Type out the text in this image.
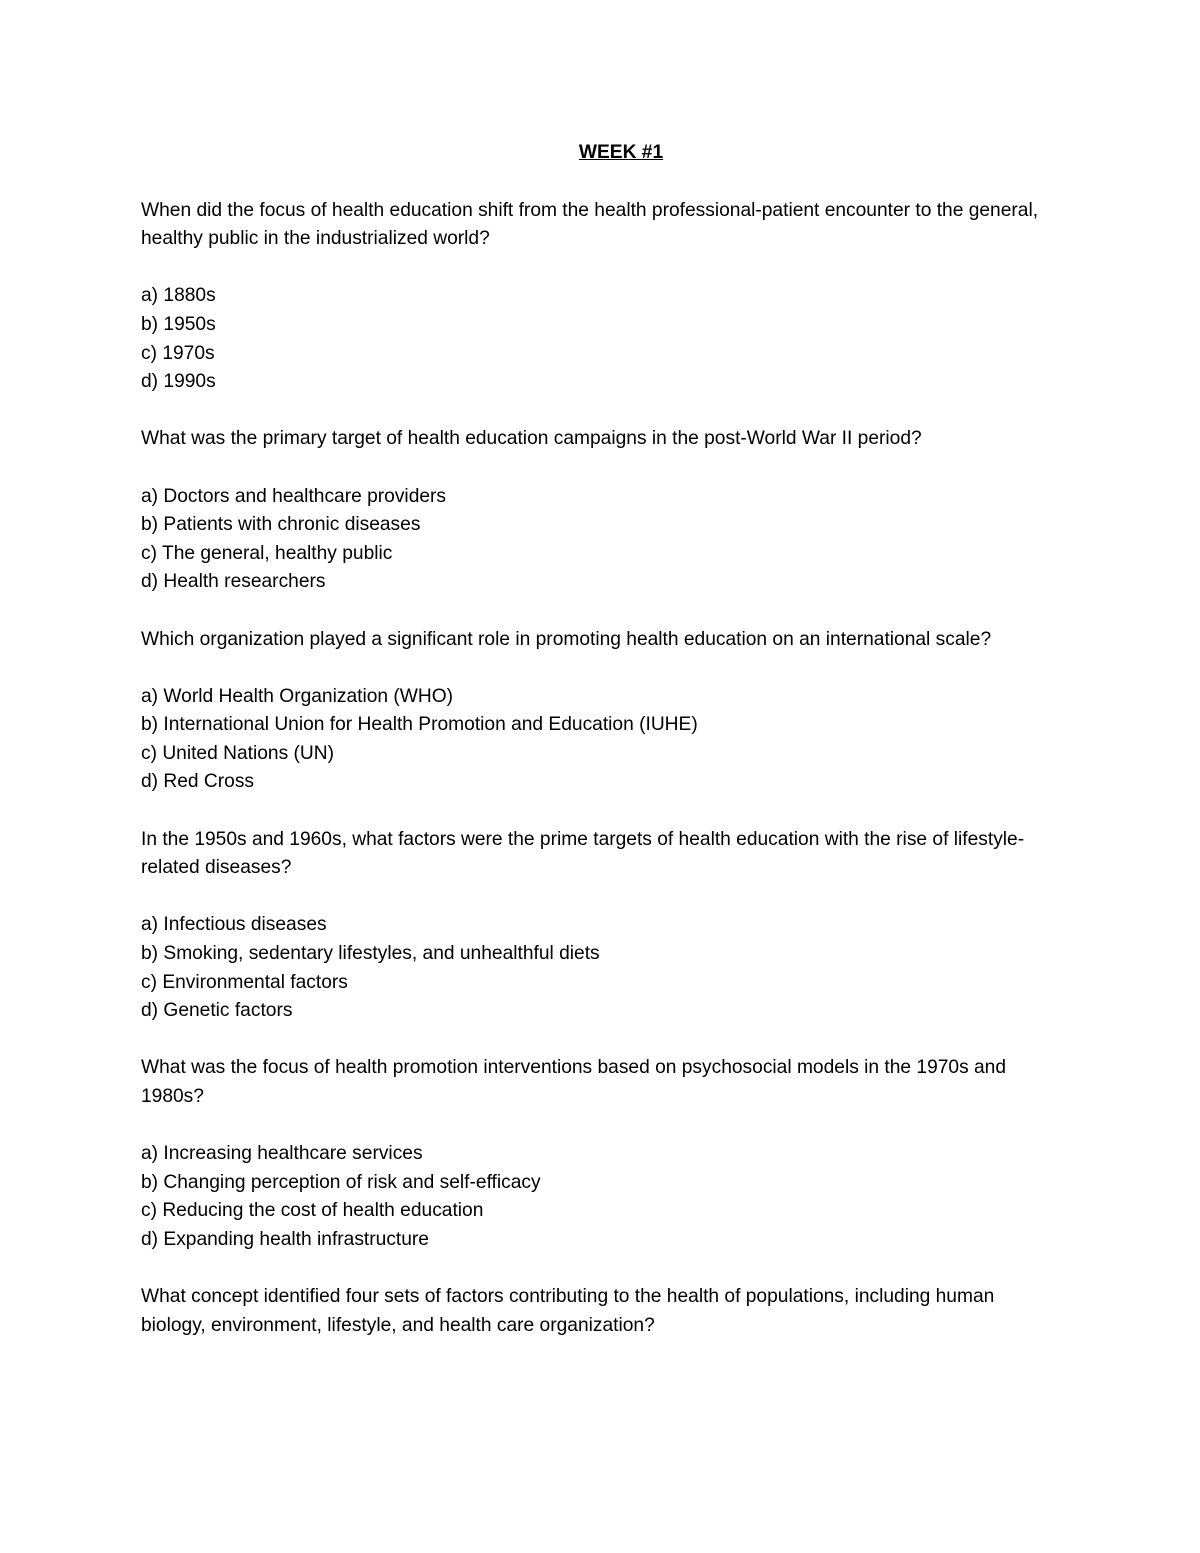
WEEK #1

When did the focus of health education shift from the health professional-patient encounter to the general, healthy public in the industrialized world?

a) 1880s
b) 1950s
c) 1970s
d) 1990s

What was the primary target of health education campaigns in the post-World War II period?

a) Doctors and healthcare providers
b) Patients with chronic diseases
c) The general, healthy public
d) Health researchers

Which organization played a significant role in promoting health education on an international scale?

a) World Health Organization (WHO)
b) International Union for Health Promotion and Education (IUHE)
c) United Nations (UN)
d) Red Cross

In the 1950s and 1960s, what factors were the prime targets of health education with the rise of lifestyle-related diseases?

a) Infectious diseases
b) Smoking, sedentary lifestyles, and unhealthful diets
c) Environmental factors
d) Genetic factors

What was the focus of health promotion interventions based on psychosocial models in the 1970s and 1980s?

a) Increasing healthcare services
b) Changing perception of risk and self-efficacy
c) Reducing the cost of health education
d) Expanding health infrastructure

What concept identified four sets of factors contributing to the health of populations, including human biology, environment, lifestyle, and health care organization?
